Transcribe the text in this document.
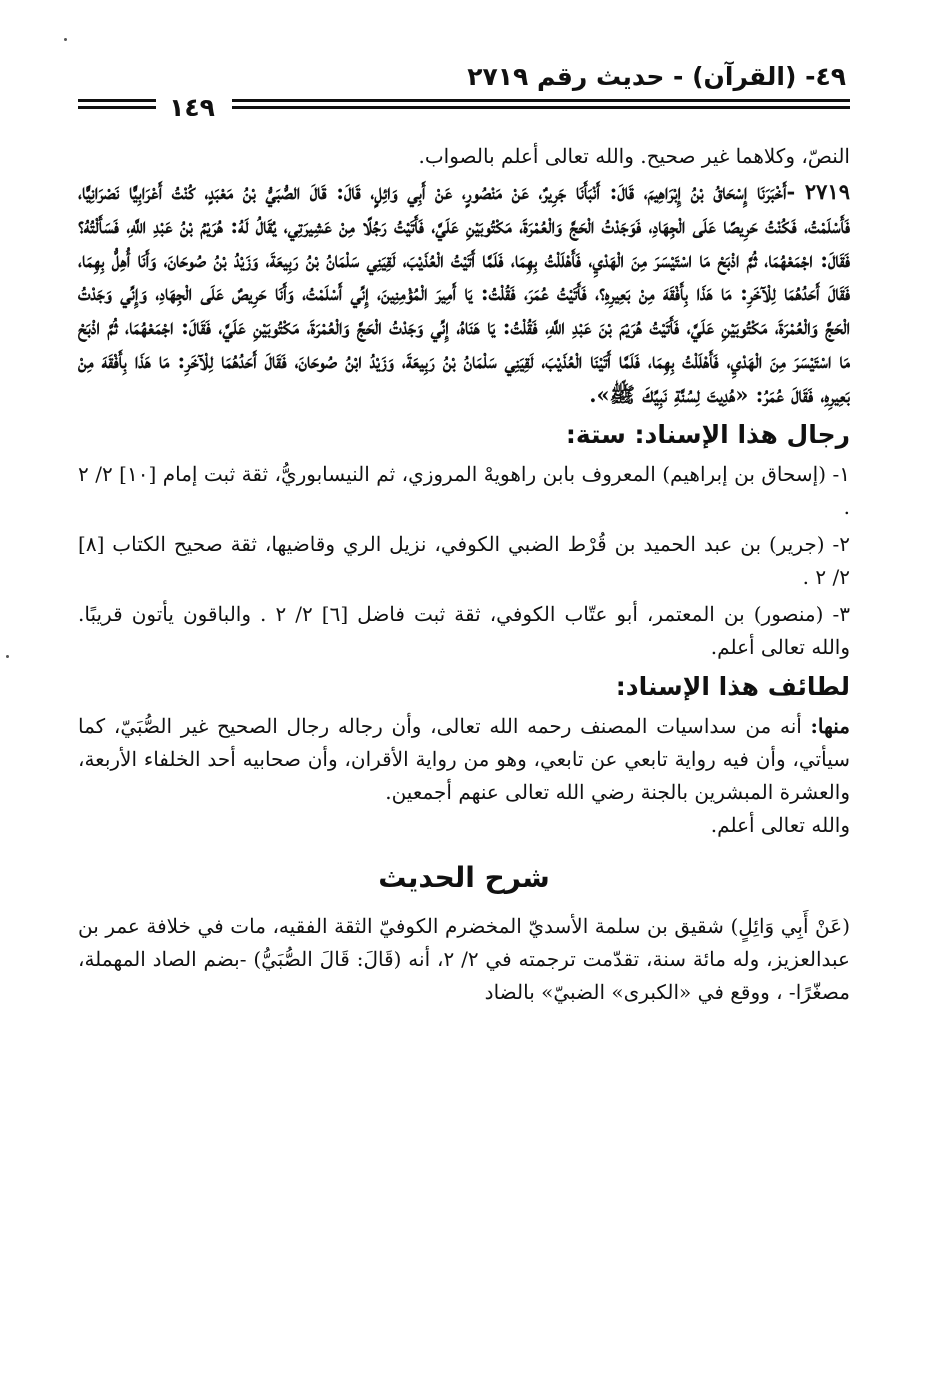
٤٩- (القرآن) - حديث رقم ٢٧١٩
١٤٩

النصّ، وكلاهما غير صحيح. والله تعالى أعلم بالصواب.

٢٧١٩ -أَخْبَرَنَا إِسْحَاقُ بْنُ إِبْرَاهِيمَ، قَالَ: أَنْبَأَنَا جَرِيرٌ، عَنْ مَنْصُورٍ، عَنْ أَبِي وَائِلٍ، قَالَ: قَالَ الصُّبَيُّ بْنُ مَعْبَدٍ، كُنْتُ أَعْرَابِيًّا نَصْرَانِيًّا، فَأَسْلَمْتُ، فَكُنْتُ حَرِيصًا عَلَى الْجِهَادِ، فَوَجَدْتُ الْحَجَّ وَالْعُمْرَةَ، مَكْتُوبَيْنِ عَلَيَّ، فَأَتَيْتُ رَجُلًا مِنْ عَشِيرَتِي، يُقَالُ لَهُ: هُرَيْمُ بْنُ عَبْدِ اللَّهِ، فَسَأَلْتُهُ؟ فَقَالَ: اجْمَعْهُمَا، ثُمَّ اذْبَحْ مَا اسْتَيْسَرَ مِنَ الْهَدْيِ، فَأَهْلَلْتُ بِهِمَا، فَلَمَّا أَتَيْتُ الْعُذَيْبَ، لَقِيَنِي سَلْمَانُ بْنُ رَبِيعَةَ، وَزَيْدُ بْنُ صُوحَانَ، وَأَنَا أُهِلُّ بِهِمَا، فَقَالَ أَحَدُهُمَا لِلْآخَرِ: مَا هَذَا بِأَفْقَهَ مِنْ بَعِيرِهِ؟، فَأَتَيْتُ عُمَرَ، فَقُلْتُ: يَا أَمِيرَ الْمُؤْمِنِينَ، إِنِّي أَسْلَمْتُ، وَأَنَا حَرِيصٌ عَلَى الْجِهَادِ، وَإِنِّي وَجَدْتُ الْحَجَّ وَالْعُمْرَةَ، مَكْتُوبَيْنِ عَلَيَّ، فَأَتَيْتُ هُرَيْمَ بْنَ عَبْدِ اللَّهِ، فَقُلْتُ: يَا هَنَاهُ، إِنِّي وَجَدْتُ الْحَجَّ وَالْعُمْرَةَ، مَكْتُوبَيْنِ عَلَيَّ، فَقَالَ: اجْمَعْهُمَا، ثُمَّ اذْبَحْ مَا اسْتَيْسَرَ مِنَ الْهَدْيِ، فَأَهْلَلْتُ بِهِمَا، فَلَمَّا أَتَيْنَا الْعُذَيْبَ، لَقِيَنِي سَلْمَانُ بْنُ رَبِيعَةَ، وَزَيْدُ ابْنُ صُوحَانَ، فَقَالَ أَحَدُهُمَا لِلْآخَرِ: مَا هَذَا بِأَفْقَهَ مِنْ بَعِيرِهِ، فَقَالَ عُمَرُ: «هُدِيتَ لِسُنَّةِ نَبِيِّكَ ﷺ».

رجال هذا الإسناد: ستة:

١- (إسحاق بن إبراهيم) المعروف بابن راهويهْ المروزي، ثم النيسابوريُّ، ثقة ثبت إمام [١٠] ٢/ ٢ .

٢- (جرير) بن عبد الحميد بن قُرْط الضبي الكوفي، نزيل الري وقاضيها، ثقة صحيح الكتاب [٨] ٢/ ٢ .

٣- (منصور) بن المعتمر، أبو عتّاب الكوفي، ثقة ثبت فاضل [٦] ٢/ ٢ . والباقون يأتون قريبًا. والله تعالى أعلم.

لطائف هذا الإسناد:

منها: أنه من سداسيات المصنف رحمه الله تعالى، وأن رجاله رجال الصحيح غير الصُّبَيّ، كما سيأتي، وأن فيه رواية تابعي عن تابعي، وهو من رواية الأقران، وأن صحابيه أحد الخلفاء الأربعة، والعشرة المبشرين بالجنة رضي الله تعالى عنهم أجمعين.

والله تعالى أعلم.

شرح الحديث

(عَنْ أَبِي وَائِلٍ) شقيق بن سلمة الأسديّ المخضرم الكوفيّ الثقة الفقيه، مات في خلافة عمر بن عبدالعزيز، وله مائة سنة، تقدّمت ترجمته في ٢/ ٢، أنه (قَالَ: قَالَ الصُّبَيُّ) -بضم الصاد المهملة، مصغّرًا- ، ووقع في «الكبرى» الضبيّ» بالضاد
